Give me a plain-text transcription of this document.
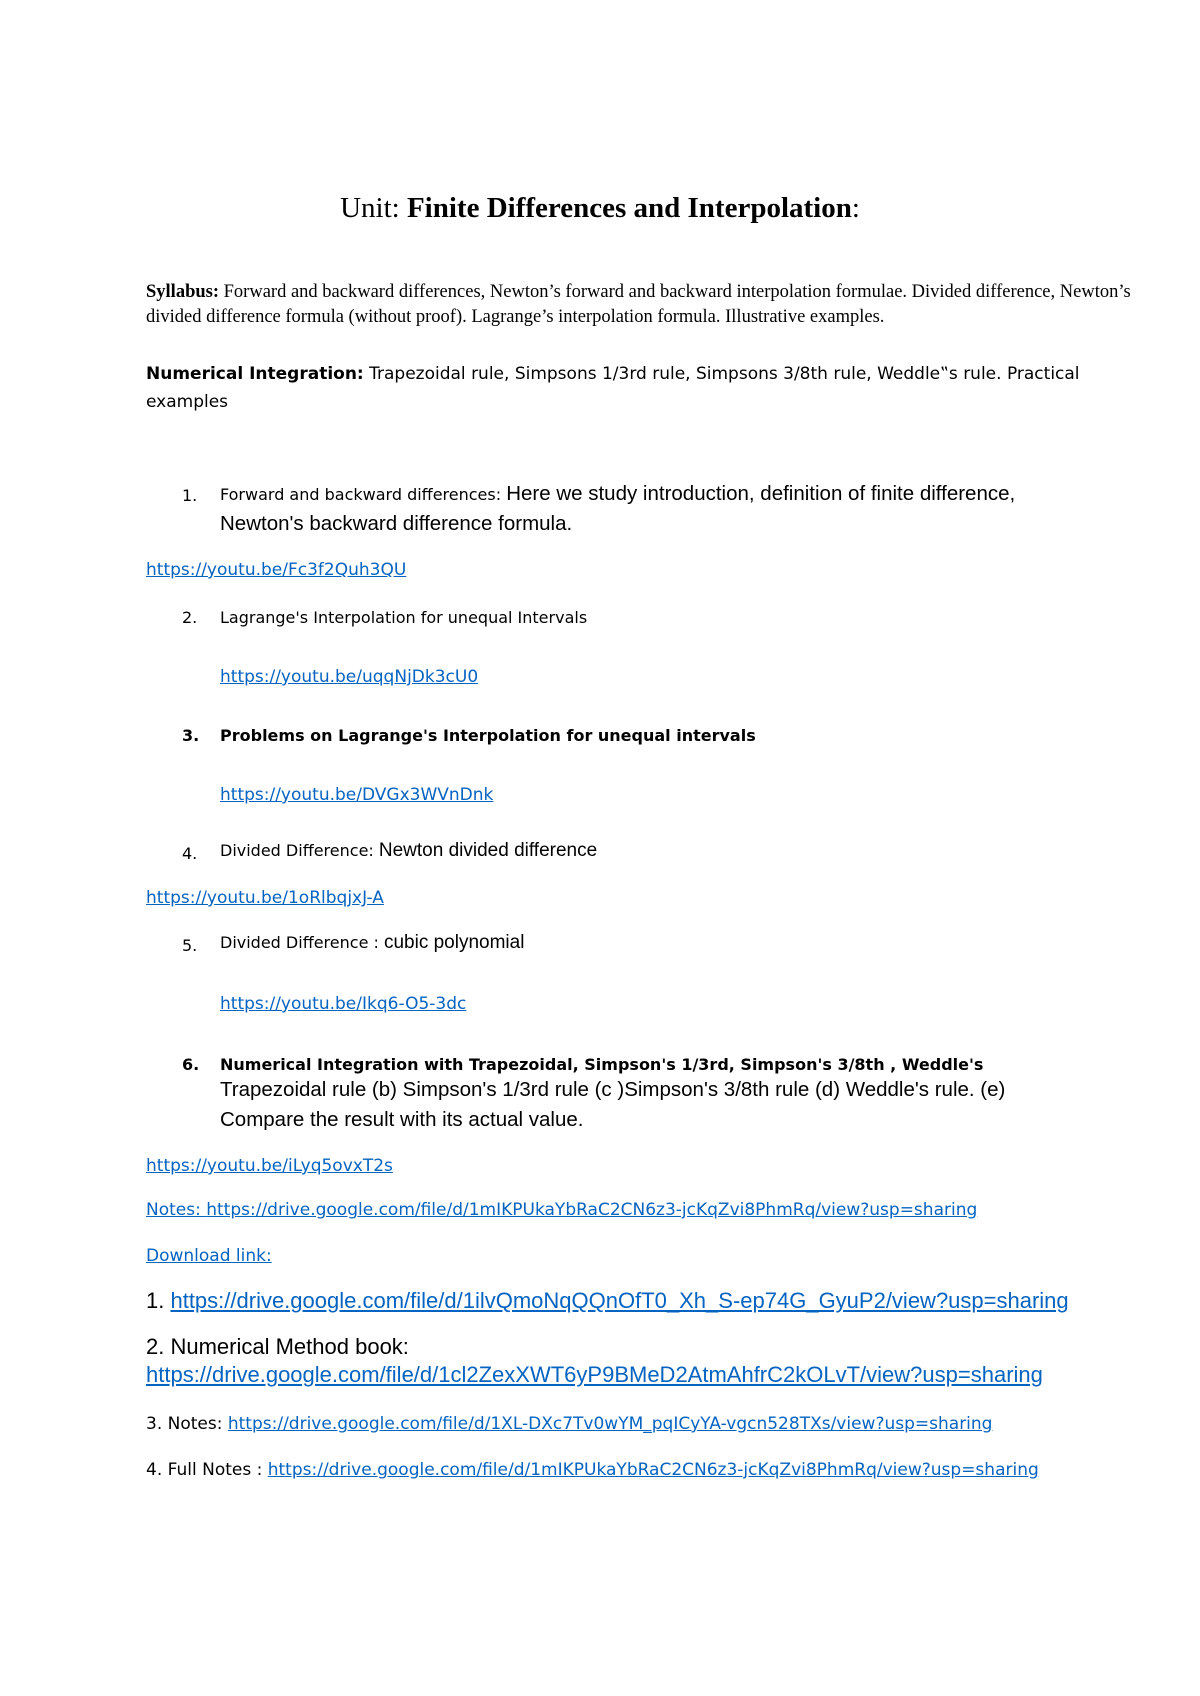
Unit: Finite Differences and Interpolation:
Syllabus: Forward and backward differences, Newton’s forward and backward interpolation formulae. Divided difference, Newton’s divided difference formula (without proof). Lagrange’s interpolation formula. Illustrative examples.
Numerical Integration: Trapezoidal rule, Simpsons 1/3rd rule, Simpsons 3/8th rule, Weddle‟s rule. Practical examples
1. Forward and backward differences: Here we study introduction, definition of finite difference,
Newton's backward difference formula.
https://youtu.be/Fc3f2Quh3QU
2. Lagrange's Interpolation for unequal Intervals
https://youtu.be/uqqNjDk3cU0
3. Problems on Lagrange's Interpolation for unequal intervals
https://youtu.be/DVGx3WVnDnk
4. Divided Difference: Newton divided difference
https://youtu.be/1oRlbqjxJ-A
5. Divided Difference : cubic polynomial
https://youtu.be/Ikq6-O5-3dc
6. Numerical Integration with Trapezoidal, Simpson's 1/3rd, Simpson's 3/8th , Weddle's
Trapezoidal rule (b) Simpson's 1/3rd rule (c )Simpson's 3/8th rule (d) Weddle's rule. (e)
Compare the result with its actual value.
https://youtu.be/iLyq5ovxT2s
Notes: https://drive.google.com/file/d/1mIKPUkaYbRaC2CN6z3-jcKqZvi8PhmRq/view?usp=sharing
Download link:
1. https://drive.google.com/file/d/1ilvQmoNqQQnOfT0_Xh_S-ep74G_GyuP2/view?usp=sharing
2. Numerical Method book:
https://drive.google.com/file/d/1cl2ZexXWT6yP9BMeD2AtmAhfrC2kOLvT/view?usp=sharing
3. Notes: https://drive.google.com/file/d/1XL-DXc7Tv0wYM_pqICyYA-vgcn528TXs/view?usp=sharing
4. Full Notes : https://drive.google.com/file/d/1mIKPUkaYbRaC2CN6z3-jcKqZvi8PhmRq/view?usp=sharing
